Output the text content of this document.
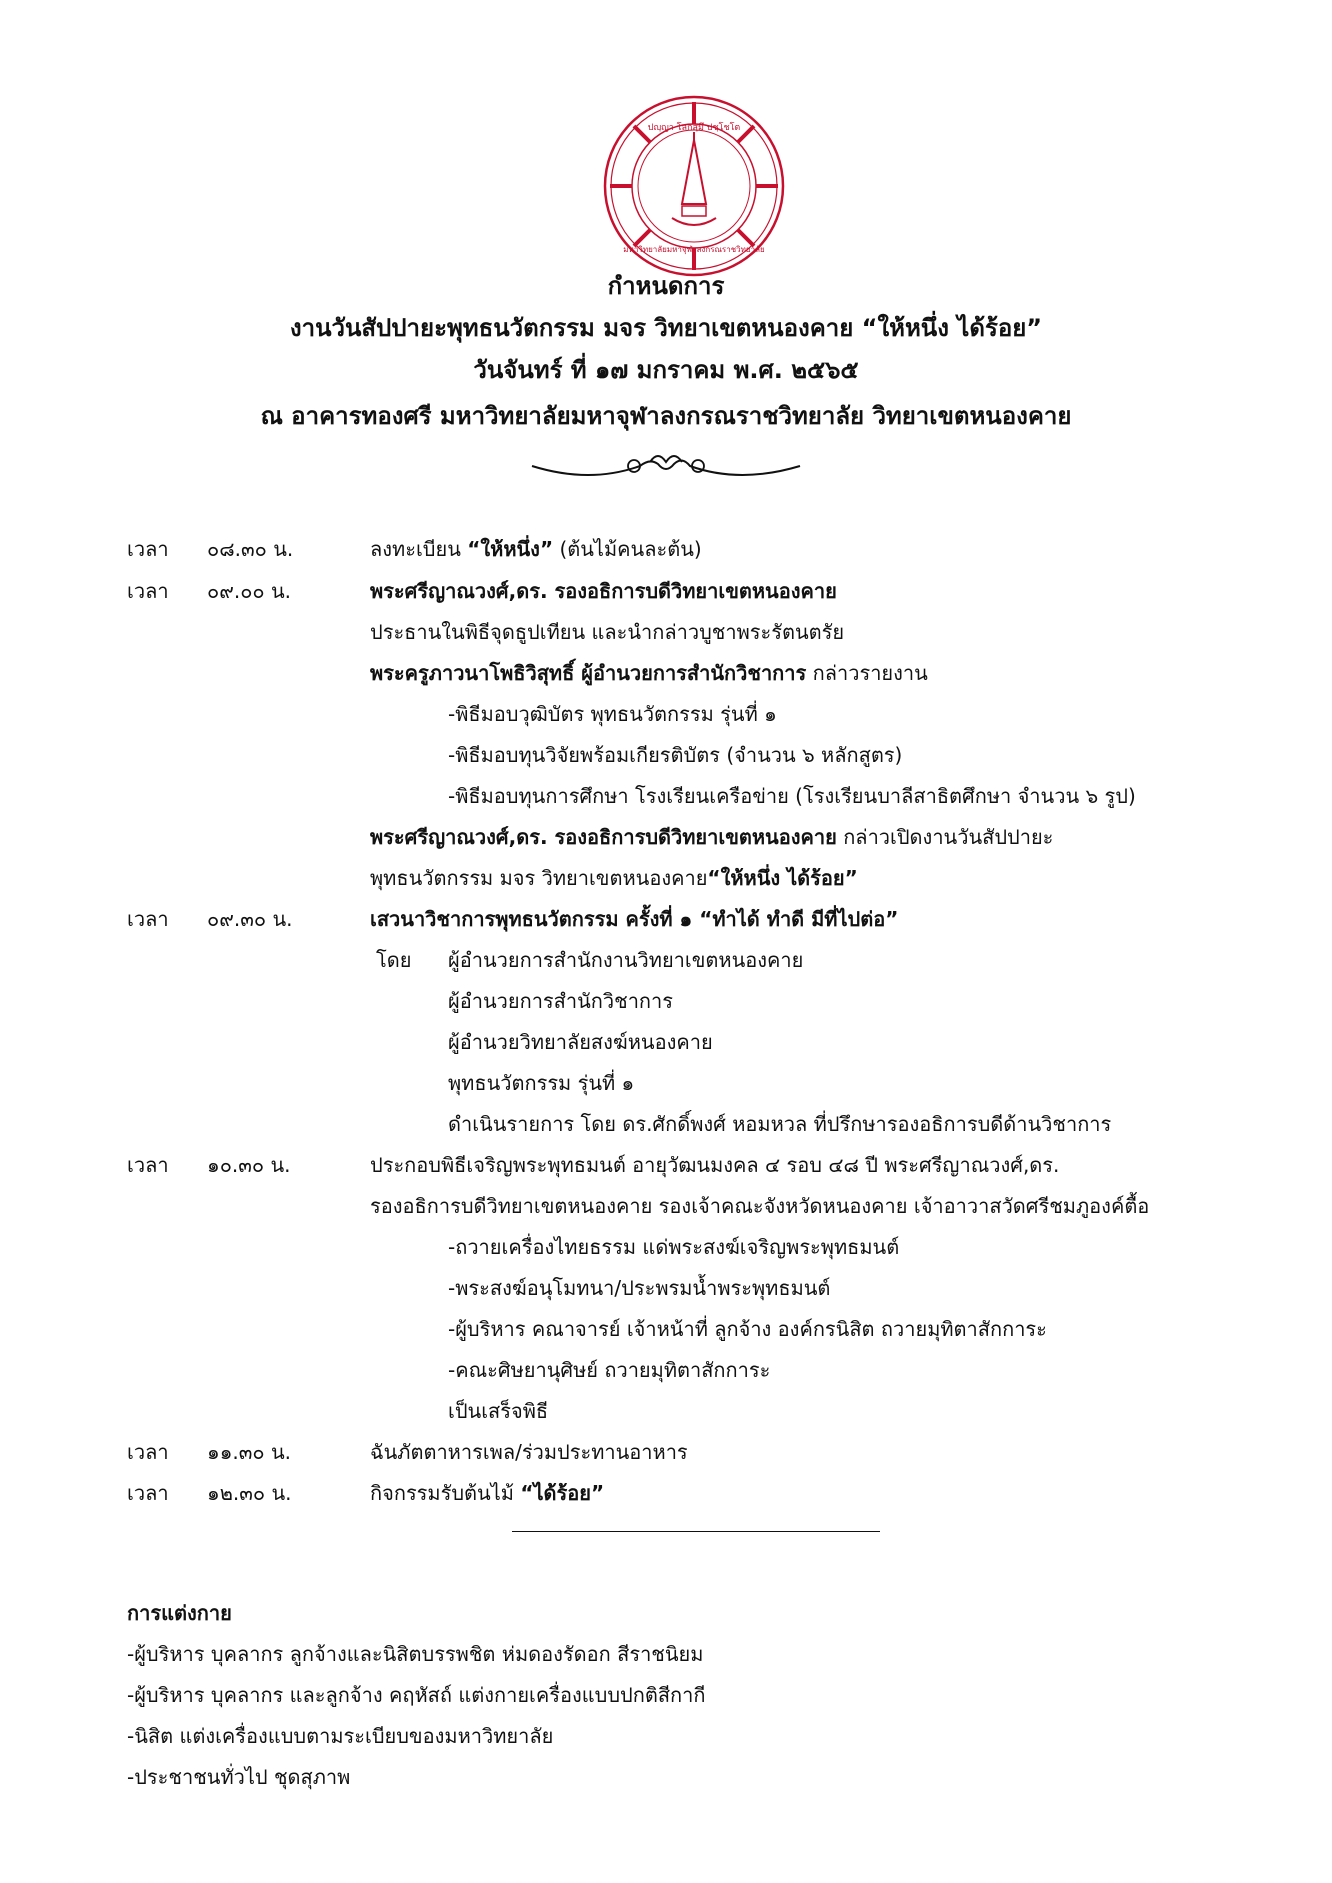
ปญฺญา โลกสฺมึ ปชฺโชโต
มหาวิทยาลัยมหาจุฬาลงกรณราชวิทยาลัย
กำหนดการ
งานวันสัปปายะพุทธนวัตกรรม มจร วิทยาเขตหนองคาย “ให้หนึ่ง ได้ร้อย”
วันจันทร์ ที่ ๑๗ มกราคม พ.ศ. ๒๕๖๕
ณ อาคารทองศรี มหาวิทยาลัยมหาจุฬาลงกรณราชวิทยาลัย วิทยาเขตหนองคาย
เวลา ๐๘.๓๐ น.	ลงทะเบียน “ให้หนึ่ง” (ต้นไม้คนละต้น)
เวลา ๐๙.๐๐ น.	พระศรีญาณวงศ์,ดร. รองอธิการบดีวิทยาเขตหนองคาย
ประธานในพิธีจุดธูปเทียน และนำกล่าวบูชาพระรัตนตรัย
พระครูภาวนาโพธิวิสุทธิ์ ผู้อำนวยการสำนักวิชาการ กล่าวรายงาน
-พิธีมอบวุฒิบัตร พุทธนวัตกรรม รุ่นที่ ๑
-พิธีมอบทุนวิจัยพร้อมเกียรติบัตร (จำนวน ๖ หลักสูตร)
-พิธีมอบทุนการศึกษา โรงเรียนเครือข่าย (โรงเรียนบาลีสาธิตศึกษา จำนวน ๖ รูป)
พระศรีญาณวงศ์,ดร. รองอธิการบดีวิทยาเขตหนองคาย กล่าวเปิดงานวันสัปปายะ
พุทธนวัตกรรม มจร วิทยาเขตหนองคาย“ให้หนึ่ง ได้ร้อย”
เวลา ๐๙.๓๐ น.	เสวนาวิชาการพุทธนวัตกรรม ครั้งที่ ๑ “ทำได้ ทำดี มีที่ไปต่อ”
โดย ผู้อำนวยการสำนักงานวิทยาเขตหนองคาย
ผู้อำนวยการสำนักวิชาการ
ผู้อำนวยวิทยาลัยสงฆ์หนองคาย
พุทธนวัตกรรม รุ่นที่ ๑
ดำเนินรายการ โดย ดร.ศักดิ์พงศ์ หอมหวล ที่ปรึกษารองอธิการบดีด้านวิชาการ
เวลา ๑๐.๓๐ น.	ประกอบพิธีเจริญพระพุทธมนต์ อายุวัฒนมงคล ๔ รอบ ๔๘ ปี พระศรีญาณวงศ์,ดร.
รองอธิการบดีวิทยาเขตหนองคาย รองเจ้าคณะจังหวัดหนองคาย เจ้าอาวาสวัดศรีชมภูองค์ตื้อ
-ถวายเครื่องไทยธรรม แด่พระสงฆ์เจริญพระพุทธมนต์
-พระสงฆ์อนุโมทนา/ประพรมน้ำพระพุทธมนต์
-ผู้บริหาร คณาจารย์ เจ้าหน้าที่ ลูกจ้าง องค์กรนิสิต ถวายมุทิตาสักการะ
-คณะศิษยานุศิษย์ ถวายมุทิตาสักการะ
เป็นเสร็จพิธี
เวลา ๑๑.๓๐ น.	ฉันภัตตาหารเพล/ร่วมประทานอาหาร
เวลา ๑๒.๓๐ น.	กิจกรรมรับต้นไม้ “ได้ร้อย”
การแต่งกาย
-ผู้บริหาร บุคลากร ลูกจ้างและนิสิตบรรพชิต ห่มดองรัดอก สีราชนิยม
-ผู้บริหาร บุคลากร และลูกจ้าง คฤหัสถ์ แต่งกายเครื่องแบบปกติสีกากี
-นิสิต แต่งเครื่องแบบตามระเบียบของมหาวิทยาลัย
-ประชาชนทั่วไป ชุดสุภาพ
